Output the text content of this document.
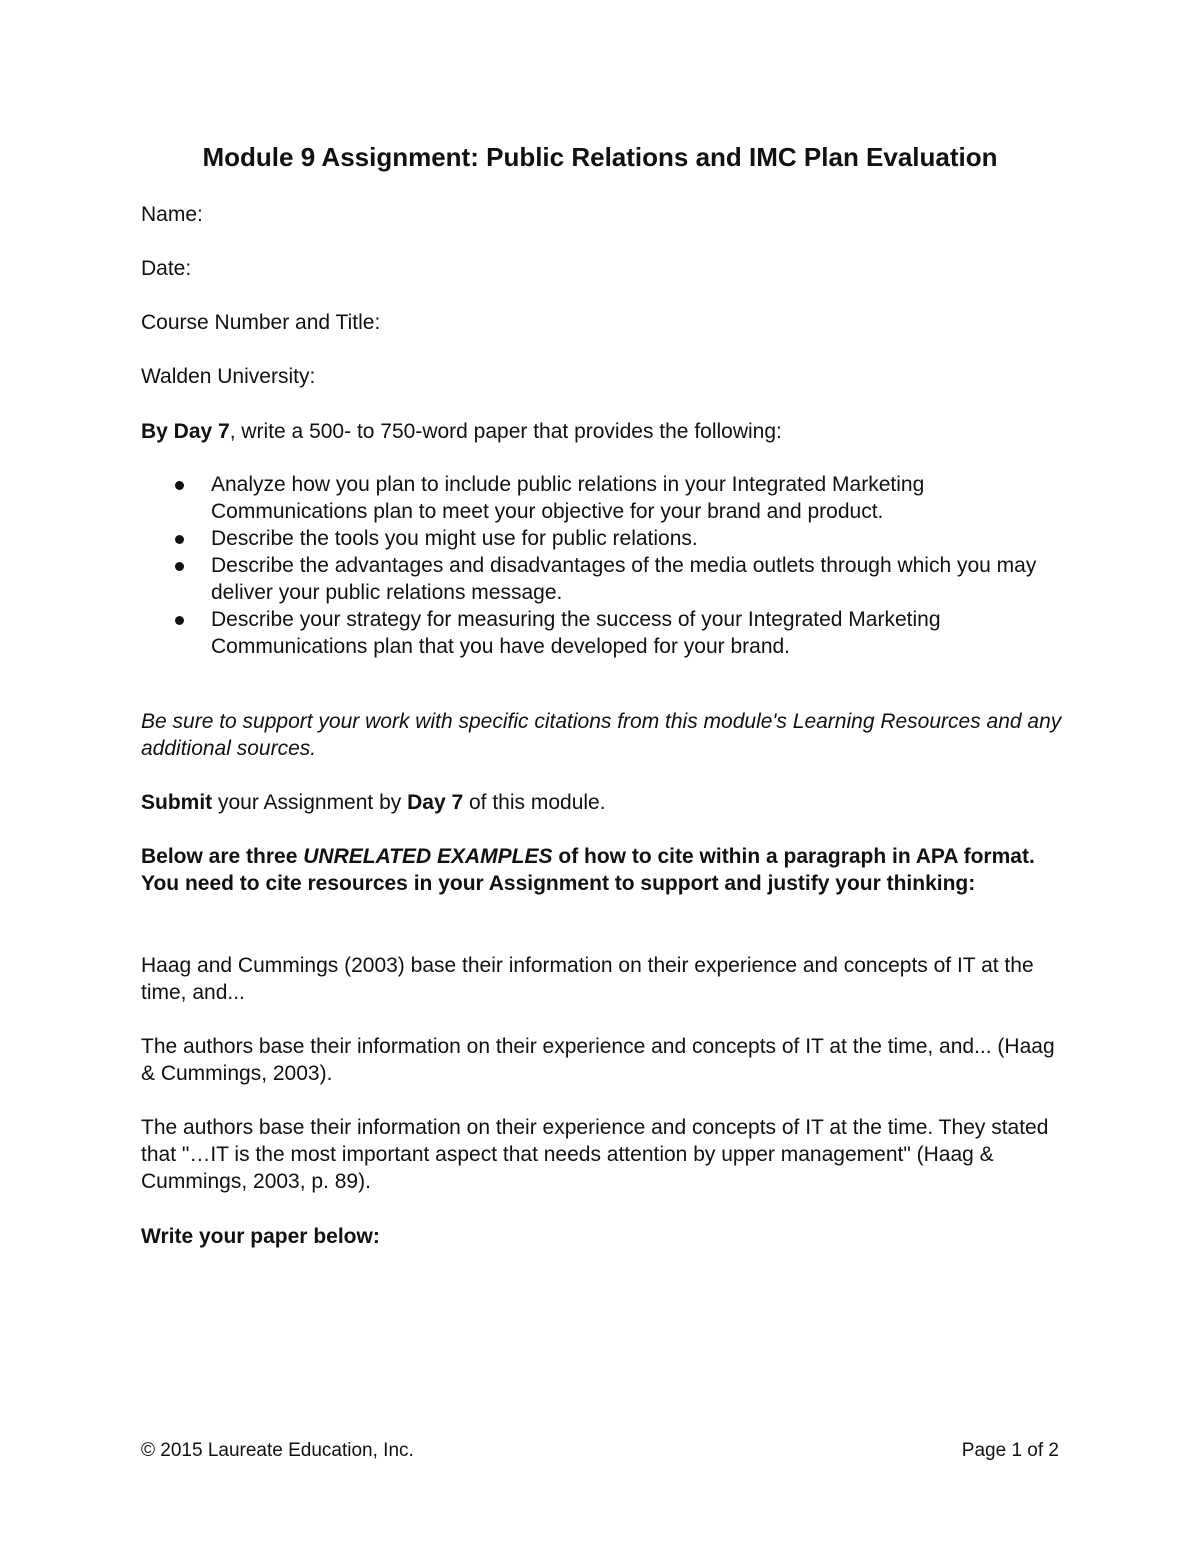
Module 9 Assignment: Public Relations and IMC Plan Evaluation
Name:
Date:
Course Number and Title:
Walden University:

By Day 7, write a 500- to 750-word paper that provides the following:

Analyze how you plan to include public relations in your Integrated Marketing Communications plan to meet your objective for your brand and product.
Describe the tools you might use for public relations.
Describe the advantages and disadvantages of the media outlets through which you may deliver your public relations message.
Describe your strategy for measuring the success of your Integrated Marketing Communications plan that you have developed for your brand.

Be sure to support your work with specific citations from this module's Learning Resources and any additional sources.

Submit your Assignment by Day 7 of this module.

Below are three UNRELATED EXAMPLES of how to cite within a paragraph in APA format. You need to cite resources in your Assignment to support and justify your thinking:

Haag and Cummings (2003) base their information on their experience and concepts of IT at the time, and...

The authors base their information on their experience and concepts of IT at the time, and... (Haag & Cummings, 2003).

The authors base their information on their experience and concepts of IT at the time. They stated that "…IT is the most important aspect that needs attention by upper management" (Haag & Cummings, 2003, p. 89).

Write your paper below:

© 2015 Laureate Education, Inc.	Page 1 of 2
